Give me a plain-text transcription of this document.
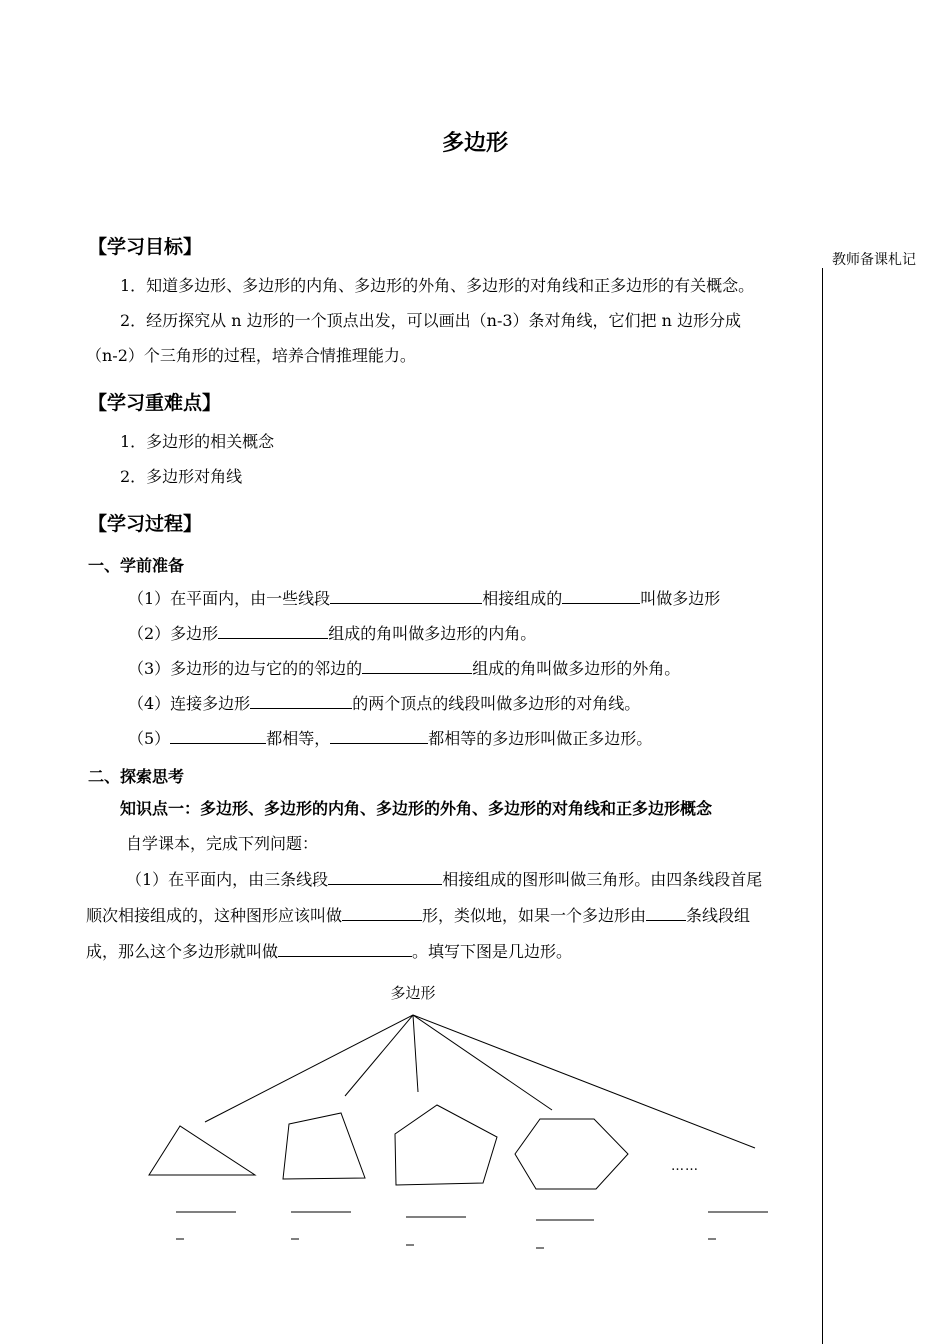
多边形
教师备课札记
【学习目标】
1．知道多边形、多边形的内角、多边形的外角、多边形的对角线和正多边形的有关概念。
2．经历探究从 n 边形的一个顶点出发，可以画出（n-3）条对角线，它们把 n 边形分成
（n-2）个三角形的过程，培养合情推理能力。
【学习重难点】
1．多边形的相关概念
2．多边形对角线
【学习过程】
一、学前准备
（1）在平面内，由一些线段	相接组成的	叫做多边形
（2）多边形	组成的角叫做多边形的内角。
（3）多边形的边与它的的邻边的	组成的角叫做多边形的外角。
（4）连接多边形	的两个顶点的线段叫做多边形的对角线。
（5）	都相等，	都相等的多边形叫做正多边形。
二、探索思考
知识点一：多边形、多边形的内角、多边形的外角、多边形的对角线和正多边形概念
自学课本，完成下列问题：
（1）在平面内，由三条线段	相接组成的图形叫做三角形。由四条线段首尾
顺次相接组成的，这种图形应该叫做	形，类似地，如果一个多边形由	条线段组
成，那么这个多边形就叫做	。填写下图是几边形。
多边形
……
